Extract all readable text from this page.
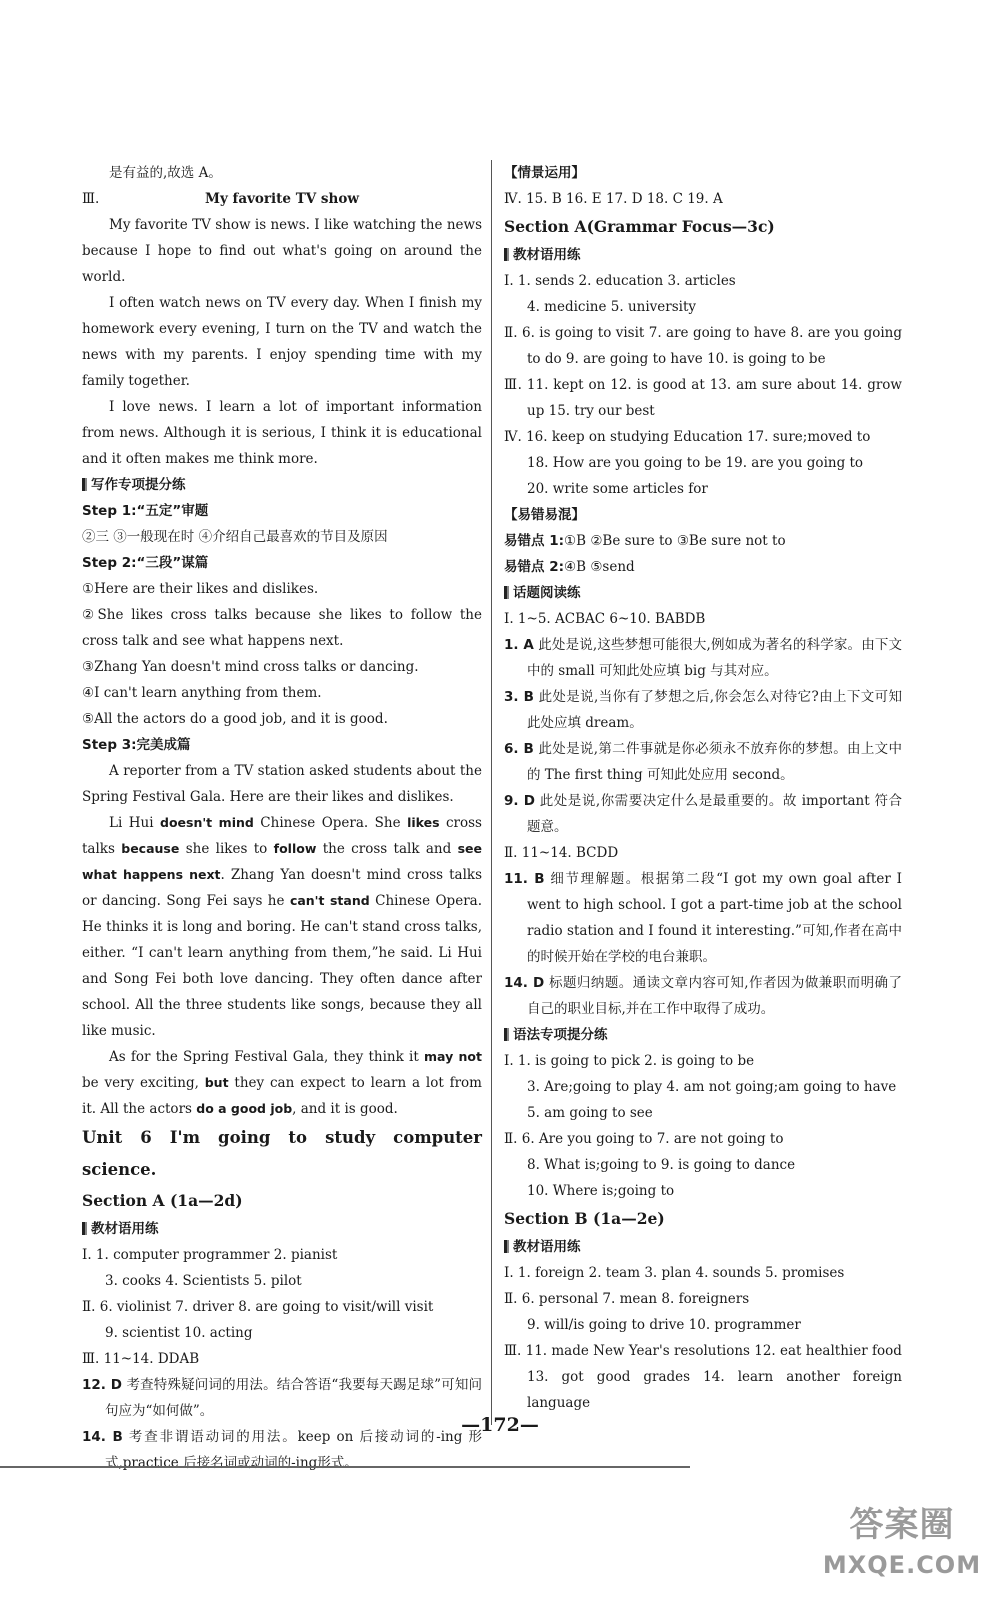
是有益的,故选 A。

Ⅲ.	My favorite TV show

My favorite TV show is news. I like watching the news because I hope to find out what's going on around the world.

I often watch news on TV every day. When I finish my homework every evening, I turn on the TV and watch the news with my parents. I enjoy spending time with my family together.

I love news. I learn a lot of important information from news. Although it is serious, I think it is educational and it often makes me think more.

写作专项提分练

Step 1:“五定”审题

②三 ③一般现在时 ④介绍自己最喜欢的节目及原因

Step 2:“三段”谋篇

①Here are their likes and dislikes.

②She likes cross talks because she likes to follow the cross talk and see what happens next.

③Zhang Yan doesn't mind cross talks or dancing.

④I can't learn anything from them.

⑤All the actors do a good job, and it is good.

Step 3:完美成篇

A reporter from a TV station asked students about the Spring Festival Gala. Here are their likes and dislikes.

Li Hui doesn't mind Chinese Opera. She likes cross talks because she likes to follow the cross talk and see what happens next. Zhang Yan doesn't mind cross talks or dancing. Song Fei says he can't stand Chinese Opera. He thinks it is long and boring. He can't stand cross talks, either. “I can't learn anything from them,”he said. Li Hui and Song Fei both love dancing. They often dance after school. All the three students like songs, because they all like music.

As for the Spring Festival Gala, they think it may not be very exciting, but they can expect to learn a lot from it. All the actors do a good job, and it is good.

Unit 6 I'm going to study computer science.

Section A (1a—2d)

教材语用练

Ⅰ. 1. computer programmer 2. pianist

3. cooks 4. Scientists 5. pilot

Ⅱ. 6. violinist 7. driver 8. are going to visit/will visit

9. scientist 10. acting

Ⅲ. 11~14. DDAB

12. D 考查特殊疑问词的用法。结合答语“我要每天踢足球”可知问句应为“如何做”。

14. B 考查非谓语动词的用法。keep on 后接动词的-ing 形式,practice 后接名词或动词的-ing形式。

【情景运用】

Ⅳ. 15. B 16. E 17. D 18. C 19. A

Section A(Grammar Focus—3c)

教材语用练

Ⅰ. 1. sends 2. education 3. articles

4. medicine 5. university

Ⅱ. 6. is going to visit 7. are going to have 8. are you going to do 9. are going to have 10. is going to be

Ⅲ. 11. kept on 12. is good at 13. am sure about 14. grow up 15. try our best

Ⅳ. 16. keep on studying Education 17. sure;moved to

18. How are you going to be 19. are you going to

20. write some articles for

【易错易混】

易错点 1:①B ②Be sure to ③Be sure not to

易错点 2:④B ⑤send

话题阅读练

Ⅰ. 1~5. ACBAC 6~10. BABDB

1. A 此处是说,这些梦想可能很大,例如成为著名的科学家。由下文中的 small 可知此处应填 big 与其对应。

3. B 此处是说,当你有了梦想之后,你会怎么对待它?由上下文可知此处应填 dream。

6. B 此处是说,第二件事就是你必须永不放弃你的梦想。由上文中的 The first thing 可知此处应用 second。

9. D 此处是说,你需要决定什么是最重要的。故 important 符合题意。

Ⅱ. 11~14. BCDD

11. B 细节理解题。根据第二段“I got my own goal after I went to high school. I got a part-time job at the school radio station and I found it interesting.”可知,作者在高中的时候开始在学校的电台兼职。

14. D 标题归纳题。通读文章内容可知,作者因为做兼职而明确了自己的职业目标,并在工作中取得了成功。

语法专项提分练

Ⅰ. 1. is going to pick 2. is going to be

3. Are;going to play 4. am not going;am going to have

5. am going to see

Ⅱ. 6. Are you going to 7. are not going to

8. What is;going to 9. is going to dance

10. Where is;going to

Section B (1a—2e)

教材语用练

Ⅰ. 1. foreign 2. team 3. plan 4. sounds 5. promises

Ⅱ. 6. personal 7. mean 8. foreigners

9. will/is going to drive 10. programmer

Ⅲ. 11. made New Year's resolutions 12. eat healthier food

13. got good grades 14. learn another foreign language

—172—
答案圈
MXQE.COM
